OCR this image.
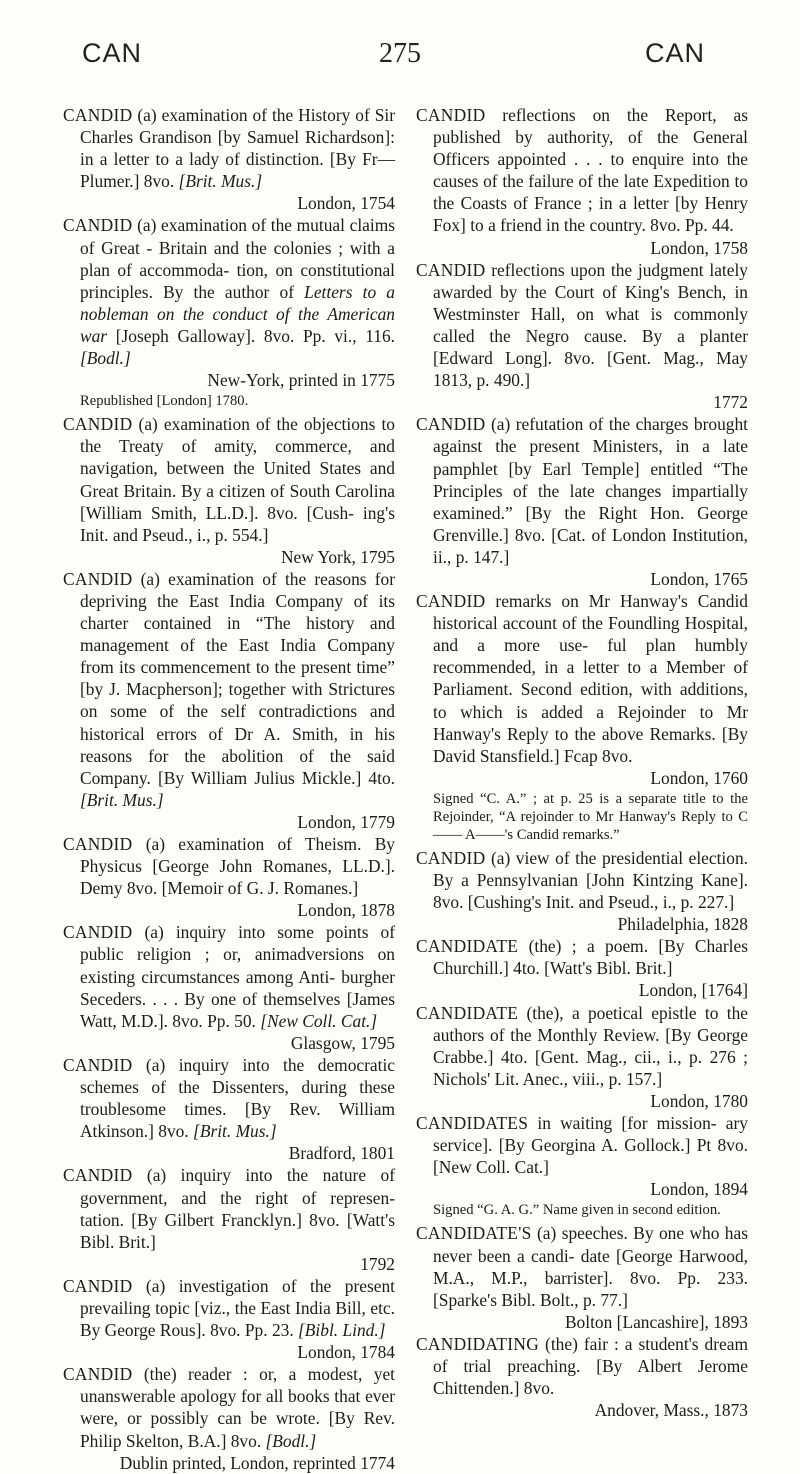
CAN	275	CAN
CANDID (a) examination of the History of Sir Charles Grandison [by Samuel Richardson]: in a letter to a lady of distinction. [By Fr— Plumer.] 8vo. [Brit. Mus.]
London, 1754
CANDID (a) examination of the mutual claims of Great - Britain and the colonies ; with a plan of accommoda- tion, on constitutional principles. By the author of Letters to a nobleman on the conduct of the American war [Joseph Galloway]. 8vo. Pp. vi., 116. [Bodl.]
New-York, printed in 1775
Republished [London] 1780.
CANDID (a) examination of the objections to the Treaty of amity, commerce, and navigation, between the United States and Great Britain. By a citizen of South Carolina [William Smith, LL.D.]. 8vo. [Cush- ing's Init. and Pseud., i., p. 554.]
New York, 1795
CANDID (a) examination of the reasons for depriving the East India Company of its charter contained in “The history and management of the East India Company from its commencement to the present time” [by J. Macpherson]; together with Strictures on some of the self contradictions and historical errors of Dr A. Smith, in his reasons for the abolition of the said Company. [By William Julius Mickle.] 4to. [Brit. Mus.]
London, 1779
CANDID (a) examination of Theism. By Physicus [George John Romanes, LL.D.]. Demy 8vo. [Memoir of G. J. Romanes.]
London, 1878
CANDID (a) inquiry into some points of public religion ; or, animadversions on existing circumstances among Anti- burgher Seceders. . . . By one of themselves [James Watt, M.D.]. 8vo. Pp. 50. [New Coll. Cat.]
Glasgow, 1795
CANDID (a) inquiry into the democratic schemes of the Dissenters, during these troublesome times. [By Rev. William Atkinson.] 8vo. [Brit. Mus.]
Bradford, 1801
CANDID (a) inquiry into the nature of government, and the right of represen- tation. [By Gilbert Francklyn.] 8vo. [Watt's Bibl. Brit.]
1792
CANDID (a) investigation of the present prevailing topic [viz., the East India Bill, etc. By George Rous]. 8vo. Pp. 23. [Bibl. Lind.]
London, 1784
CANDID (the) reader : or, a modest, yet unanswerable apology for all books that ever were, or possibly can be wrote. [By Rev. Philip Skelton, B.A.] 8vo. [Bodl.]
Dublin printed, London, reprinted 1774
CANDID reflections on the Report, as published by authority, of the General Officers appointed . . . to enquire into the causes of the failure of the late Expedition to the Coasts of France ; in a letter [by Henry Fox] to a friend in the country. 8vo. Pp. 44.
London, 1758
CANDID reflections upon the judgment lately awarded by the Court of King's Bench, in Westminster Hall, on what is commonly called the Negro cause. By a planter [Edward Long]. 8vo. [Gent. Mag., May 1813, p. 490.]
1772
CANDID (a) refutation of the charges brought against the present Ministers, in a late pamphlet [by Earl Temple] entitled “The Principles of the late changes impartially examined.” [By the Right Hon. George Grenville.] 8vo. [Cat. of London Institution, ii., p. 147.]
London, 1765
CANDID remarks on Mr Hanway's Candid historical account of the Foundling Hospital, and a more use- ful plan humbly recommended, in a letter to a Member of Parliament. Second edition, with additions, to which is added a Rejoinder to Mr Hanway's Reply to the above Remarks. [By David Stansfield.] Fcap 8vo.
London, 1760
Signed “C. A.” ; at p. 25 is a separate title to the Rejoinder, “A rejoinder to Mr Hanway's Reply to C—— A——'s Candid remarks.”
CANDID (a) view of the presidential election. By a Pennsylvanian [John Kintzing Kane]. 8vo. [Cushing's Init. and Pseud., i., p. 227.]
Philadelphia, 1828
CANDIDATE (the) ; a poem. [By Charles Churchill.] 4to. [Watt's Bibl. Brit.]
London, [1764]
CANDIDATE (the), a poetical epistle to the authors of the Monthly Review. [By George Crabbe.] 4to. [Gent. Mag., cii., i., p. 276 ; Nichols' Lit. Anec., viii., p. 157.]
London, 1780
CANDIDATES in waiting [for mission- ary service]. [By Georgina A. Gollock.] Pt 8vo. [New Coll. Cat.]
London, 1894
Signed “G. A. G.” Name given in second edition.
CANDIDATE'S (a) speeches. By one who has never been a candi- date [George Harwood, M.A., M.P., barrister]. 8vo. Pp. 233. [Sparke's Bibl. Bolt., p. 77.]
Bolton [Lancashire], 1893
CANDIDATING (the) fair : a student's dream of trial preaching. [By Albert Jerome Chittenden.] 8vo.
Andover, Mass., 1873
